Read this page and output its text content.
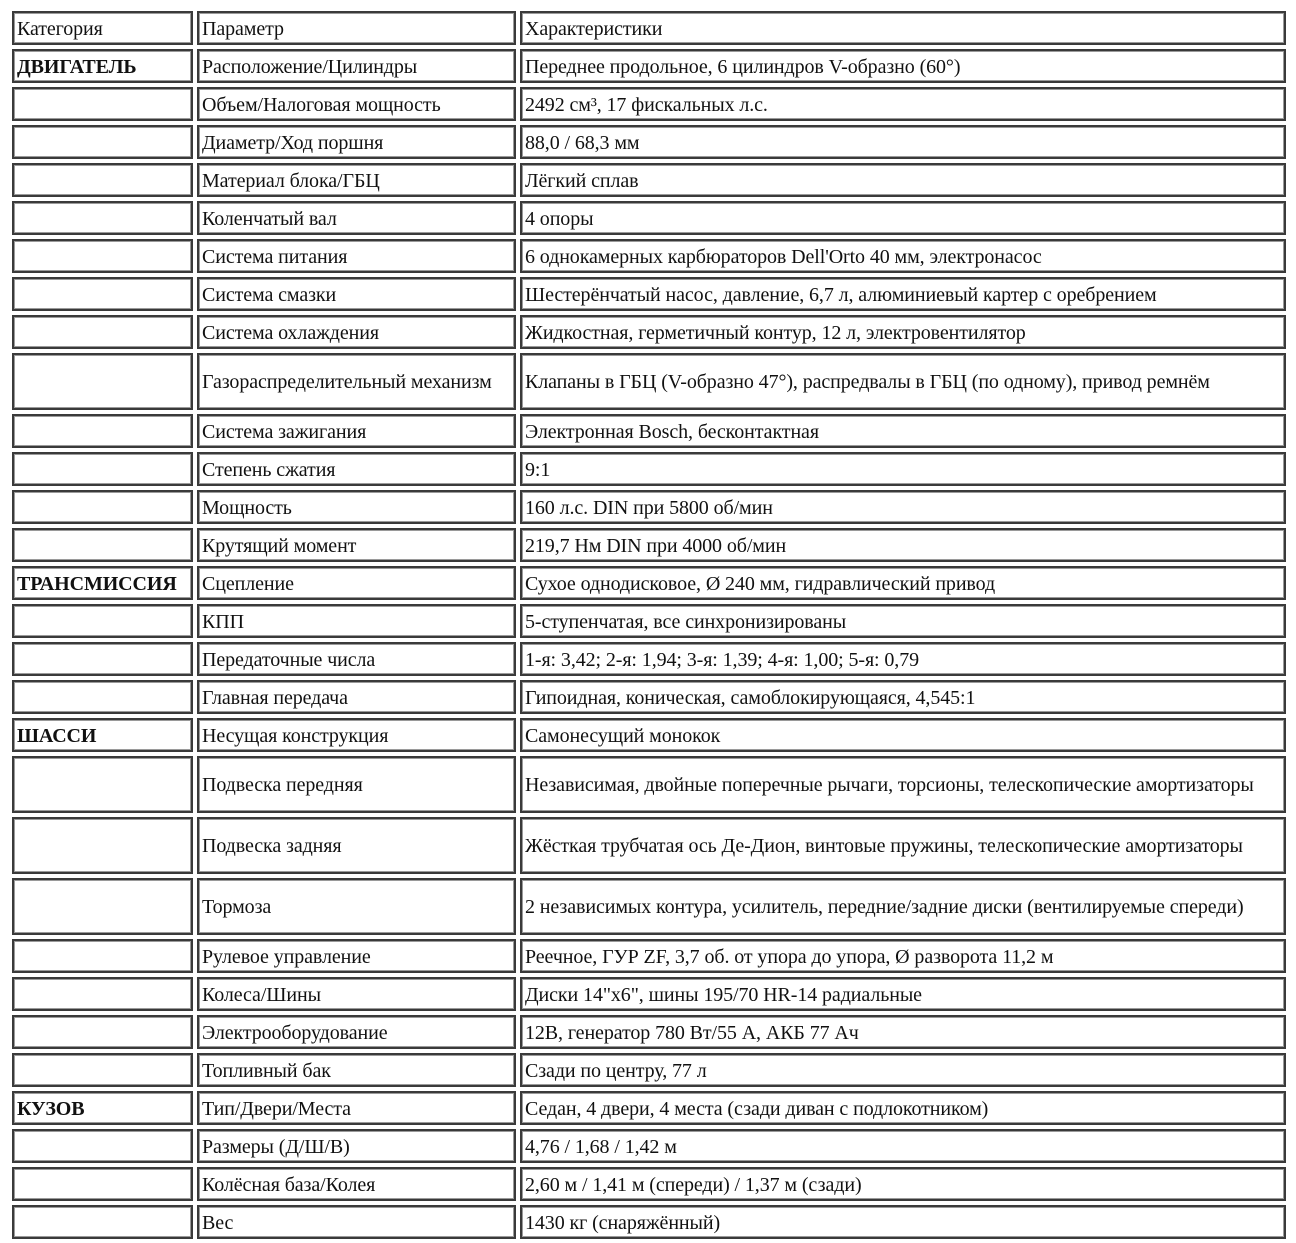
Категория	Параметр	Характеристики
ДВИГАТЕЛЬ	Расположение/Цилиндры	Переднее продольное, 6 цилиндров V-образно (60°)
	Объем/Налоговая мощность	2492 см³, 17 фискальных л.с.
	Диаметр/Ход поршня	88,0 / 68,3 мм
	Материал блока/ГБЦ	Лёгкий сплав
	Коленчатый вал	4 опоры
	Система питания	6 однокамерных карбюраторов Dell'Orto 40 мм, электронасос
	Система смазки	Шестерёнчатый насос, давление, 6,7 л, алюминиевый картер с оребрением
	Система охлаждения	Жидкостная, герметичный контур, 12 л, электровентилятор
	Газораспределительный механизм	Клапаны в ГБЦ (V-образно 47°), распредвалы в ГБЦ (по одному), привод ремнём
	Система зажигания	Электронная Bosch, бесконтактная
	Степень сжатия	9:1
	Мощность	160 л.с. DIN при 5800 об/мин
	Крутящий момент	219,7 Нм DIN при 4000 об/мин
ТРАНСМИССИЯ	Сцепление	Сухое однодисковое, Ø 240 мм, гидравлический привод
	КПП	5-ступенчатая, все синхронизированы
	Передаточные числа	1-я: 3,42; 2-я: 1,94; 3-я: 1,39; 4-я: 1,00; 5-я: 0,79
	Главная передача	Гипоидная, коническая, самоблокирующаяся, 4,545:1
ШАССИ	Несущая конструкция	Самонесущий монокок
	Подвеска передняя	Независимая, двойные поперечные рычаги, торсионы, телескопические амортизаторы
	Подвеска задняя	Жёсткая трубчатая ось Де-Дион, винтовые пружины, телескопические амортизаторы
	Тормоза	2 независимых контура, усилитель, передние/задние диски (вентилируемые спереди)
	Рулевое управление	Реечное, ГУР ZF, 3,7 об. от упора до упора, Ø разворота 11,2 м
	Колеса/Шины	Диски 14"x6", шины 195/70 HR-14 радиальные
	Электрооборудование	12В, генератор 780 Вт/55 А, АКБ 77 Ач
	Топливный бак	Сзади по центру, 77 л
КУЗОВ	Тип/Двери/Места	Седан, 4 двери, 4 места (сзади диван с подлокотником)
	Размеры (Д/Ш/В)	4,76 / 1,68 / 1,42 м
	Колёсная база/Колея	2,60 м / 1,41 м (спереди) / 1,37 м (сзади)
	Вес	1430 кг (снаряжённый)
